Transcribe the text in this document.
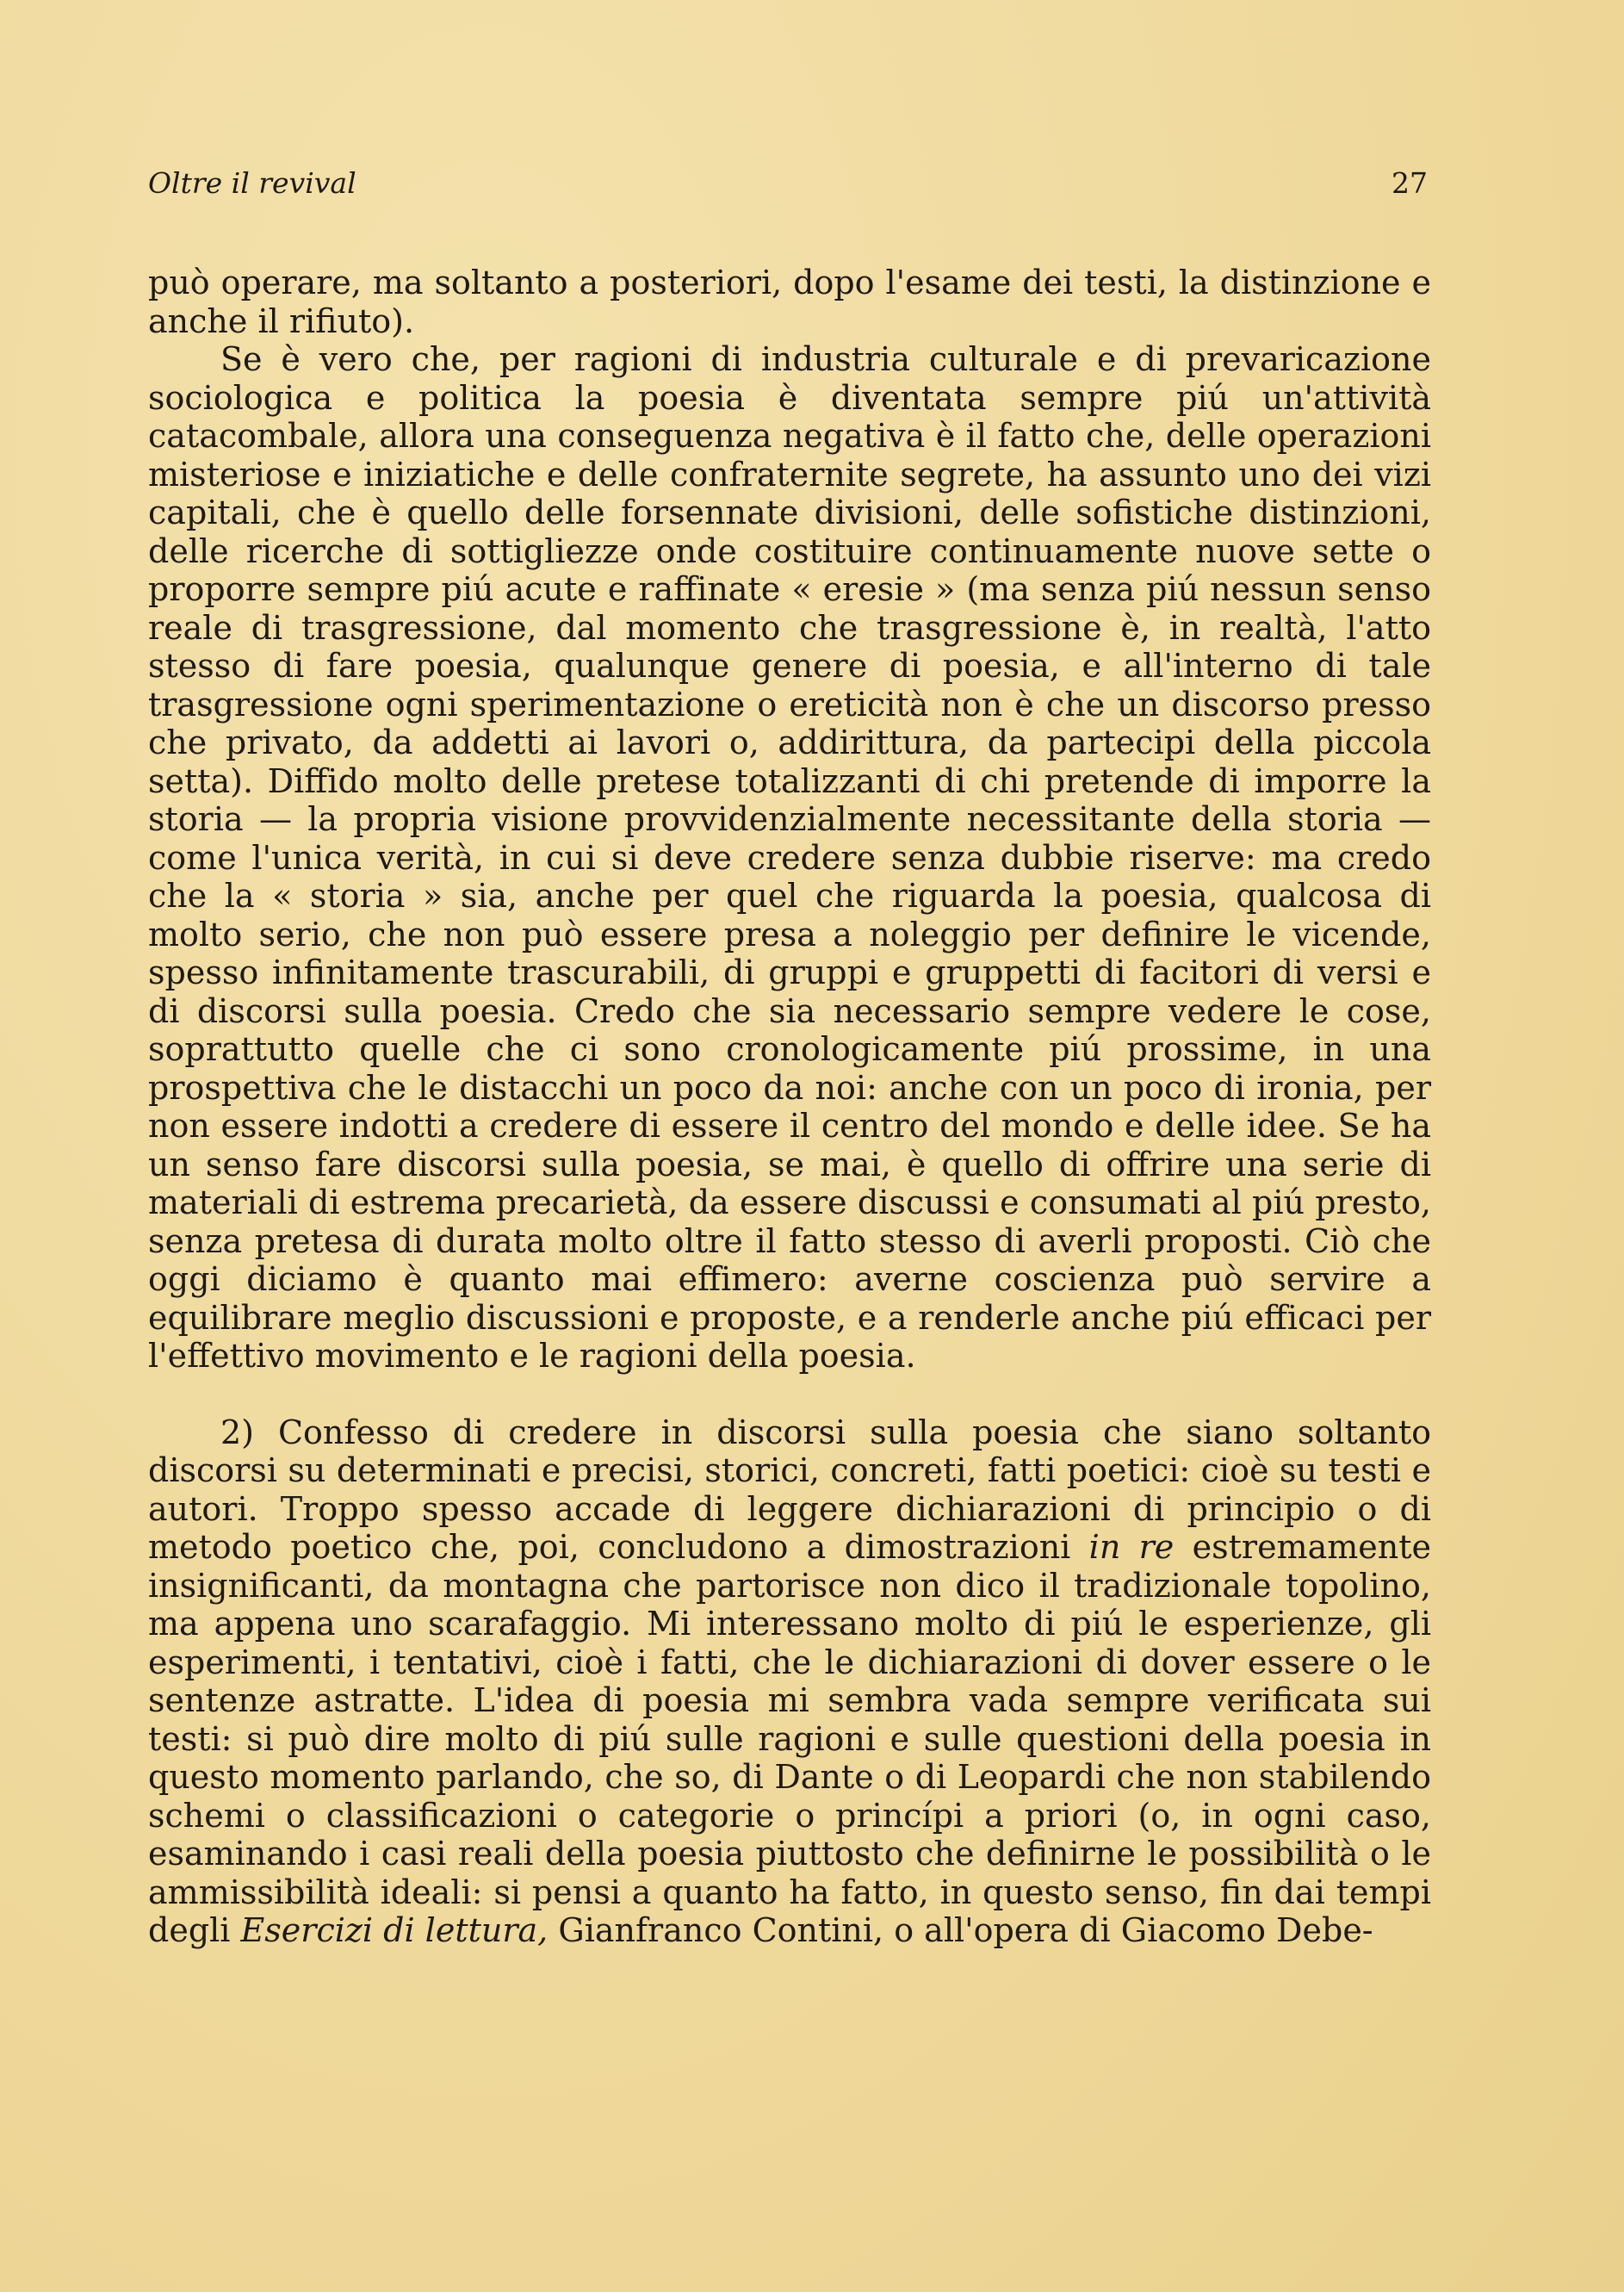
Oltre il revival	27

può operare, ma soltanto a posteriori, dopo l'esame dei testi, la distinzione e anche il rifiuto).

Se è vero che, per ragioni di industria culturale e di prevaricazione sociologica e politica la poesia è diventata sempre piú un'attività catacombale, allora una conseguenza negativa è il fatto che, delle operazioni misteriose e iniziatiche e delle confraternite segrete, ha assunto uno dei vizi capitali, che è quello delle forsennate divisioni, delle sofistiche distinzioni, delle ricerche di sottigliezze onde costituire continuamente nuove sette o proporre sempre piú acute e raffinate « eresie » (ma senza piú nessun senso reale di trasgressione, dal momento che trasgressione è, in realtà, l'atto stesso di fare poesia, qualunque genere di poesia, e all'interno di tale trasgressione ogni sperimentazione o ereticità non è che un discorso presso che privato, da addetti ai lavori o, addirittura, da partecipi della piccola setta). Diffido molto delle pretese totalizzanti di chi pretende di imporre la storia — la propria visione provvidenzialmente necessitante della storia — come l'unica verità, in cui si deve credere senza dubbie riserve: ma credo che la « storia » sia, anche per quel che riguarda la poesia, qualcosa di molto serio, che non può essere presa a noleggio per definire le vicende, spesso infinitamente trascurabili, di gruppi e gruppetti di facitori di versi e di discorsi sulla poesia. Credo che sia necessario sempre vedere le cose, soprattutto quelle che ci sono cronologicamente piú prossime, in una prospettiva che le distacchi un poco da noi: anche con un poco di ironia, per non essere indotti a credere di essere il centro del mondo e delle idee. Se ha un senso fare discorsi sulla poesia, se mai, è quello di offrire una serie di materiali di estrema precarietà, da essere discussi e consumati al piú presto, senza pretesa di durata molto oltre il fatto stesso di averli proposti. Ciò che oggi diciamo è quanto mai effimero: averne coscienza può servire a equilibrare meglio discussioni e proposte, e a renderle anche piú efficaci per l'effettivo movimento e le ragioni della poesia.

2) Confesso di credere in discorsi sulla poesia che siano soltanto discorsi su determinati e precisi, storici, concreti, fatti poetici: cioè su testi e autori. Troppo spesso accade di leggere dichiarazioni di principio o di metodo poetico che, poi, concludono a dimostrazioni in re estremamente insignificanti, da montagna che partorisce non dico il tradizionale topolino, ma appena uno scarafaggio. Mi interessano molto di piú le esperienze, gli esperimenti, i tentativi, cioè i fatti, che le dichiarazioni di dover essere o le sentenze astratte. L'idea di poesia mi sembra vada sempre verificata sui testi: si può dire molto di piú sulle ragioni e sulle questioni della poesia in questo momento parlando, che so, di Dante o di Leopardi che non stabilendo schemi o classificazioni o categorie o princípi a priori (o, in ogni caso, esaminando i casi reali della poesia piuttosto che definirne le possibilità o le ammissibilità ideali: si pensi a quanto ha fatto, in questo senso, fin dai tempi degli Esercizi di lettura, Gianfranco Contini, o all'opera di Giacomo Debe-
